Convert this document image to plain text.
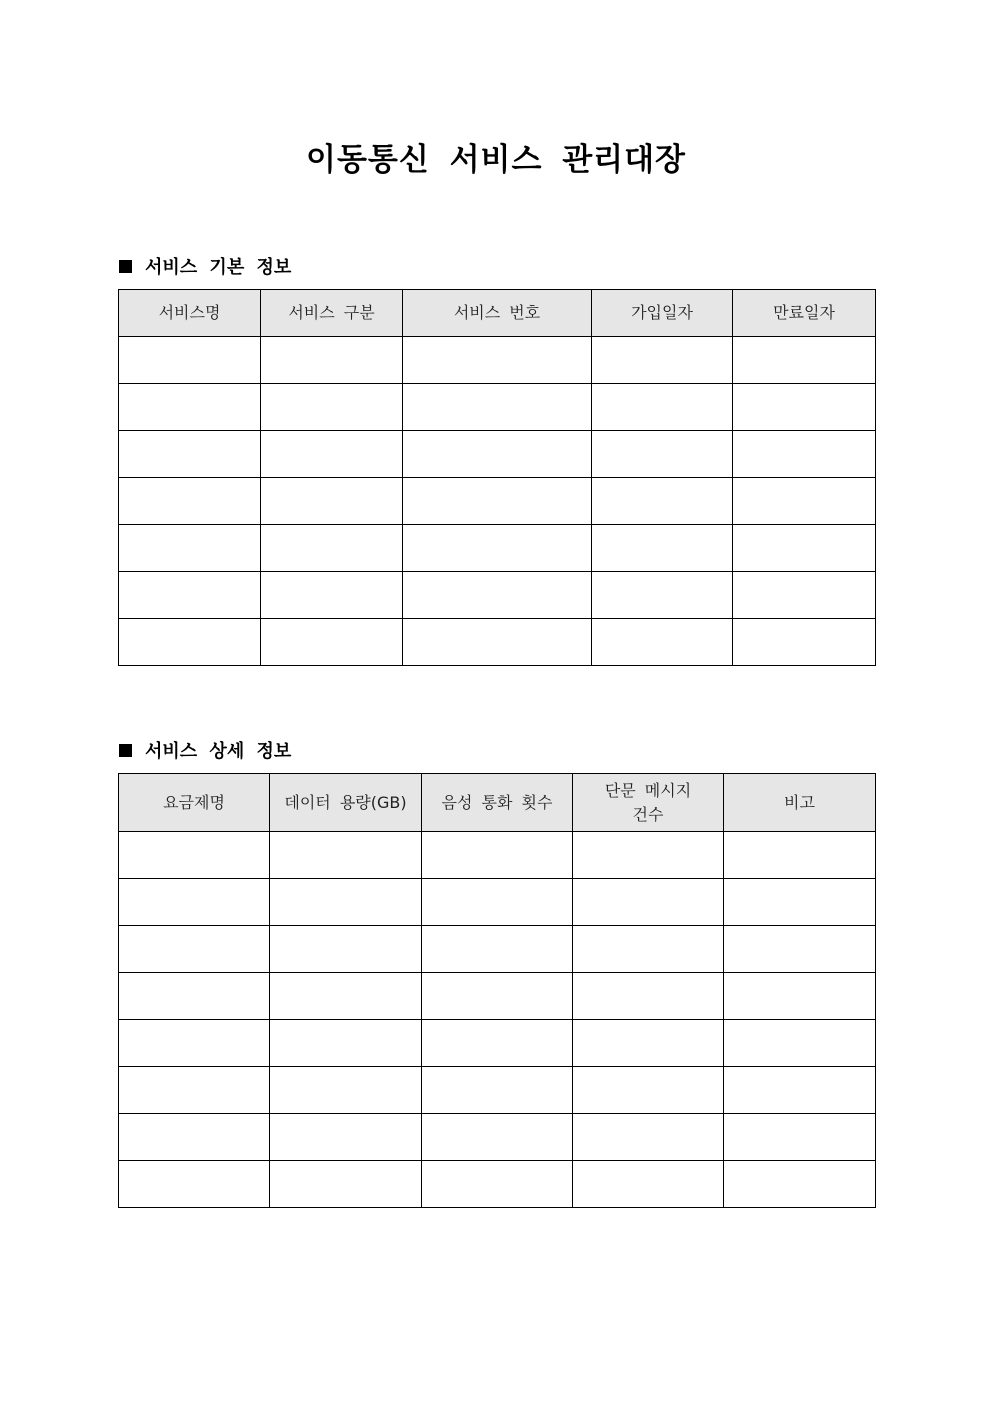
이동통신 서비스 관리대장
서비스 기본 정보
서비스명	서비스 구분	서비스 번호	가입일자	만료일자

서비스 상세 정보
요금제명	데이터 용량(GB)	음성 통화 횟수	단문 메시지 건수	비고
